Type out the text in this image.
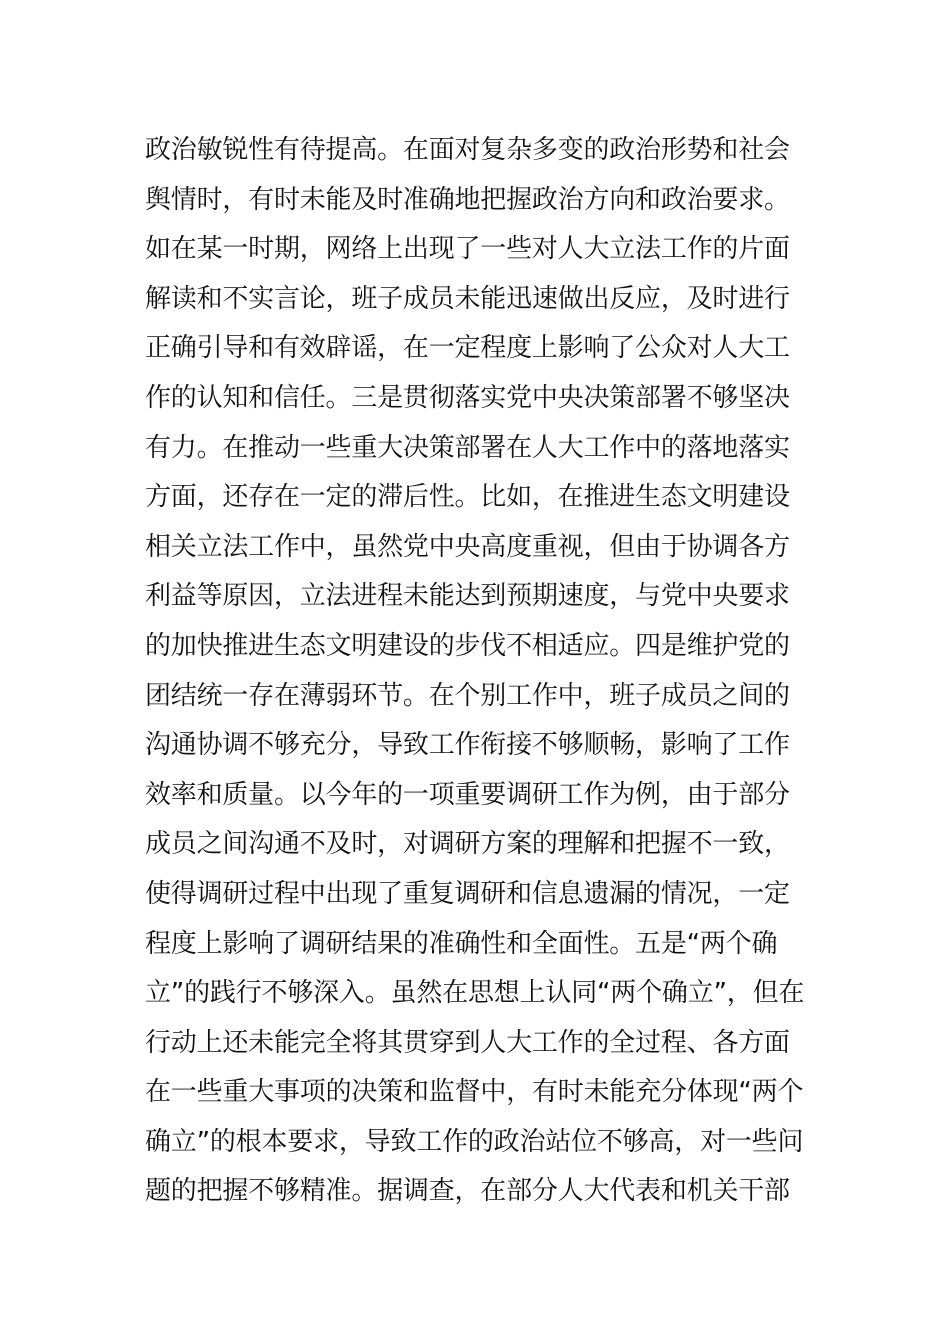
政治敏锐性有待提高。在面对复杂多变的政治形势和社会
舆情时，有时未能及时准确地把握政治方向和政治要求。
如在某一时期，网络上出现了一些对人大立法工作的片面
解读和不实言论，班子成员未能迅速做出反应，及时进行
正确引导和有效辟谣，在一定程度上影响了公众对人大工
作的认知和信任。三是贯彻落实党中央决策部署不够坚决
有力。在推动一些重大决策部署在人大工作中的落地落实
方面，还存在一定的滞后性。比如，在推进生态文明建设
相关立法工作中，虽然党中央高度重视，但由于协调各方
利益等原因，立法进程未能达到预期速度，与党中央要求
的加快推进生态文明建设的步伐不相适应。四是维护党的
团结统一存在薄弱环节。在个别工作中，班子成员之间的
沟通协调不够充分，导致工作衔接不够顺畅，影响了工作
效率和质量。以今年的一项重要调研工作为例，由于部分
成员之间沟通不及时，对调研方案的理解和把握不一致，
使得调研过程中出现了重复调研和信息遗漏的情况，一定
程度上影响了调研结果的准确性和全面性。五是“两个确
立”的践行不够深入。虽然在思想上认同“两个确立”，但在
行动上还未能完全将其贯穿到人大工作的全过程、各方面
在一些重大事项的决策和监督中，有时未能充分体现“两个
确立”的根本要求，导致工作的政治站位不够高，对一些问
题的把握不够精准。据调查，在部分人大代表和机关干部
